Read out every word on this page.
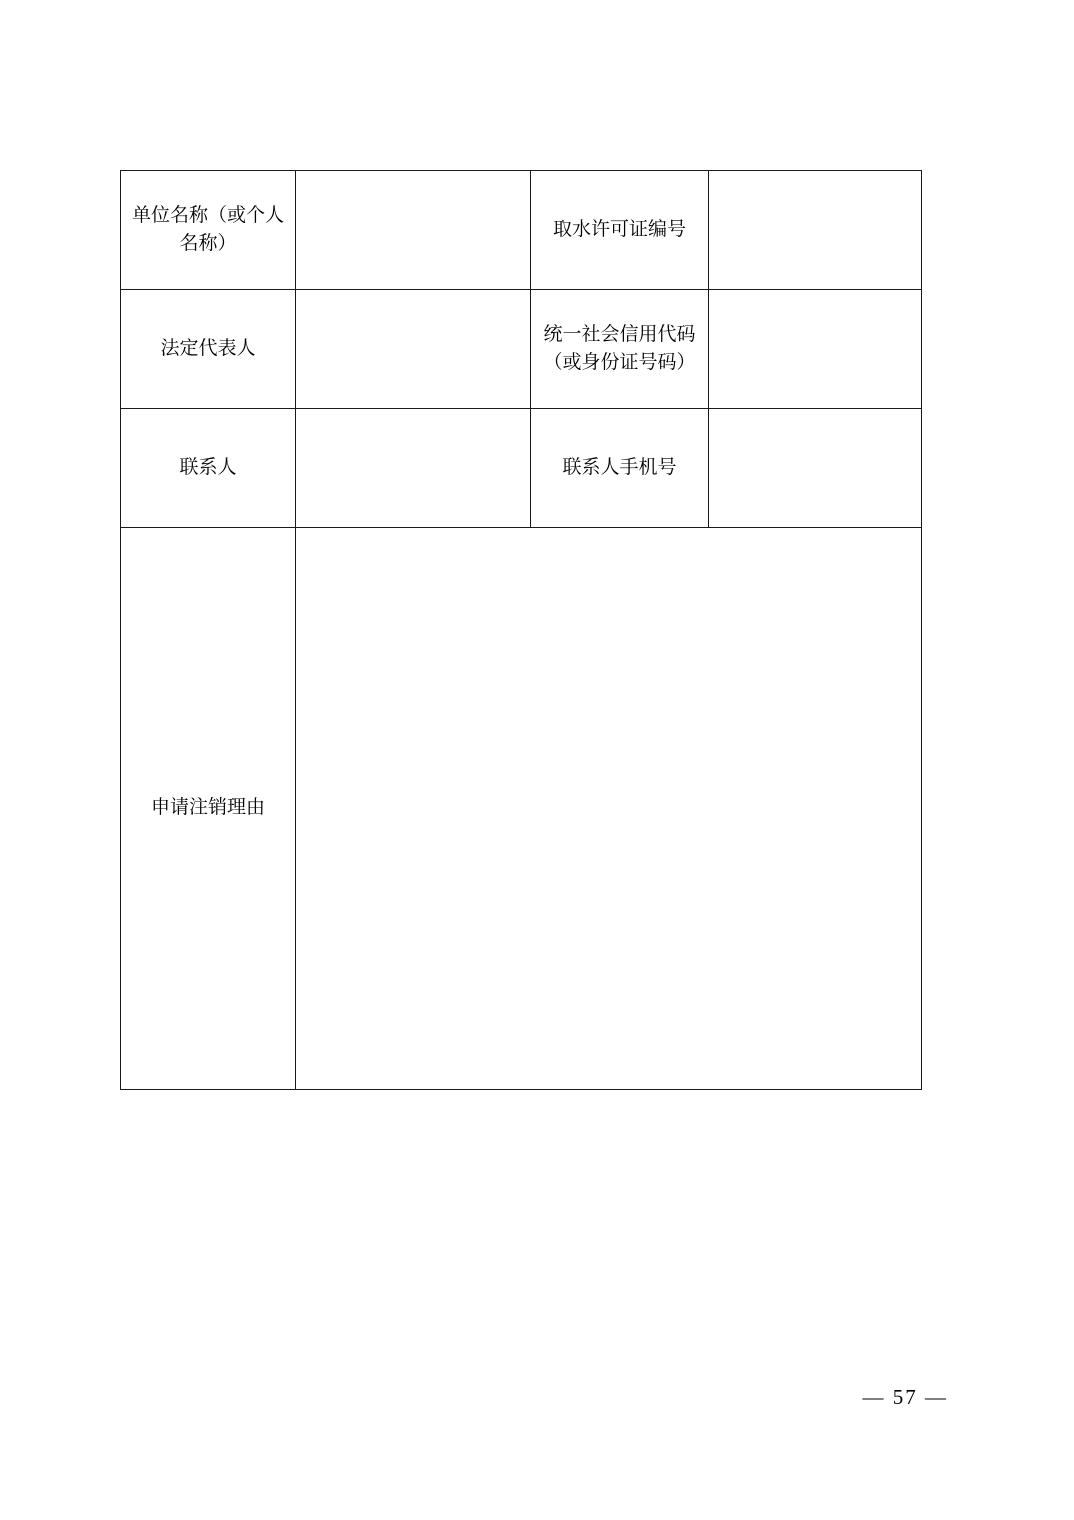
单位名称（或个人名称）		取水许可证编号	
法定代表人		统一社会信用代码（或身份证号码）	
联系人		联系人手机号	
申请注销理由			
— 57 —
